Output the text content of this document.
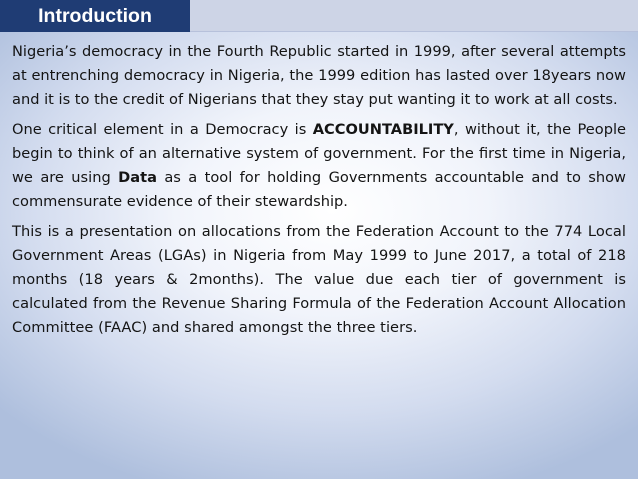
Introduction

Nigeria’s democracy in the Fourth Republic started in 1999, after several attempts at entrenching democracy in Nigeria, the 1999 edition has lasted over 18years now and it is to the credit of Nigerians that they stay put wanting it to work at all costs.

One critical element in a Democracy is ACCOUNTABILITY, without it, the People begin to think of an alternative system of government. For the first time in Nigeria, we are using Data as a tool for holding Governments accountable and to show commensurate evidence of their stewardship.

This is a presentation on allocations from the Federation Account to the 774 Local Government Areas (LGAs) in Nigeria from May 1999 to June 2017, a total of 218 months (18 years & 2months). The value due each tier of government is calculated from the Revenue Sharing Formula of the Federation Account Allocation Committee (FAAC) and shared amongst the three tiers.
